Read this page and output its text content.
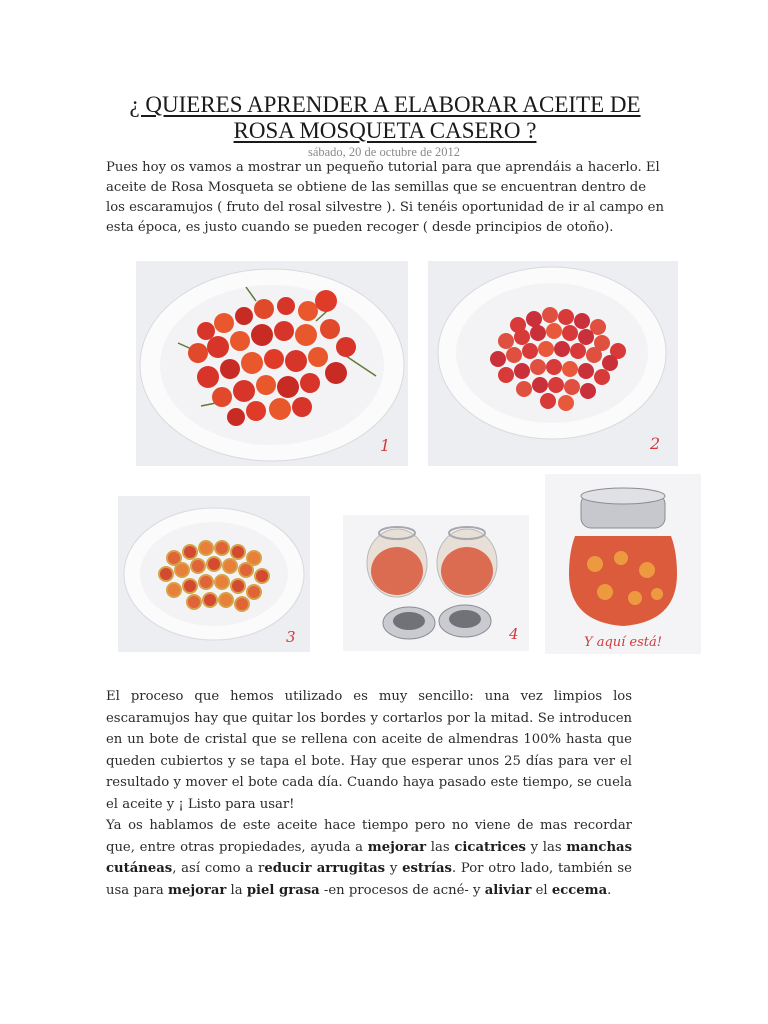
¿ QUIERES APRENDER A ELABORAR ACEITE DE
ROSA MOSQUETA CASERO ?
sábado, 20 de octubre de 2012
Pues hoy os vamos a mostrar un pequeño tutorial para que aprendáis a hacerlo. El aceite de Rosa Mosqueta se obtiene de las semillas que se encuentran dentro de los escaramujos ( fruto del rosal silvestre ). Si tenéis oportunidad de ir al campo en esta época, es justo cuando se pueden recoger ( desde principios de otoño).
1	2
3	4	Y aquí está!
El proceso que hemos utilizado es muy sencillo: una vez limpios los escaramujos hay que quitar los bordes y cortarlos por la mitad. Se introducen en un bote de cristal que se rellena con aceite de almendras 100% hasta que queden cubiertos y se tapa el bote. Hay que esperar unos 25 días para ver el resultado y mover el bote cada día. Cuando haya pasado este tiempo, se cuela el aceite y ¡ Listo para usar!
Ya os hablamos de este aceite hace tiempo pero no viene de mas recordar que, entre otras propiedades, ayuda a mejorar las cicatrices y las manchas cutáneas, así como a reducir arrugitas y estrías. Por otro lado, también se usa para mejorar la piel grasa -en procesos de acné- y aliviar el eccema.
